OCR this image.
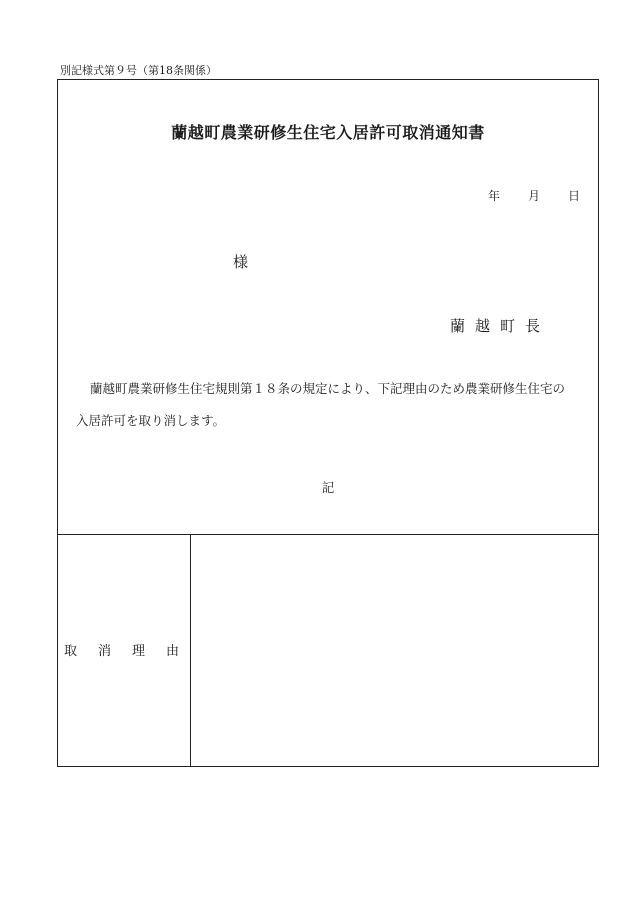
別記様式第９号（第18条関係）
蘭越町農業研修生住宅入居許可取消通知書
年 月 日
様
蘭越町長
蘭越町農業研修生住宅規則第１８条の規定により、下記理由のため農業研修生住宅の
入居許可を取り消します。
記
取消理由
